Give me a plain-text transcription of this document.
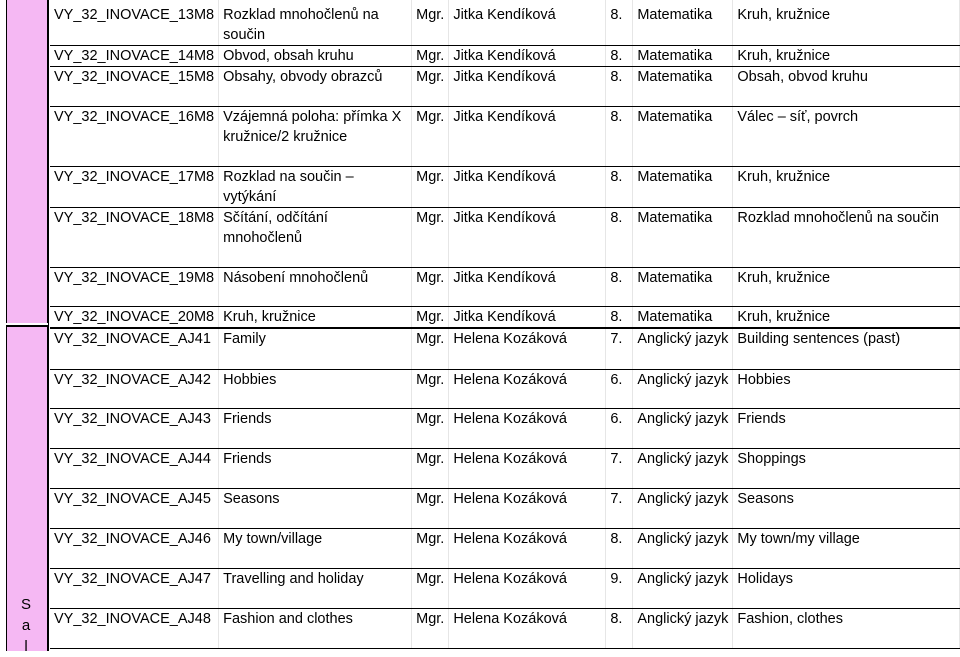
S
a
l
VY_32_INOVACE_13M8	Rozklad mnohočlenů na součin	Mgr.	Jitka Kendíková	8.	Matematika	Kruh, kružnice
VY_32_INOVACE_14M8	Obvod, obsah kruhu	Mgr.	Jitka Kendíková	8.	Matematika	Kruh, kružnice
VY_32_INOVACE_15M8	Obsahy, obvody obrazců	Mgr.	Jitka Kendíková	8.	Matematika	Obsah, obvod kruhu
VY_32_INOVACE_16M8	Vzájemná poloha: přímka X kružnice/2 kružnice	Mgr.	Jitka Kendíková	8.	Matematika	Válec – síť, povrch
VY_32_INOVACE_17M8	Rozklad na součin – vytýkání	Mgr.	Jitka Kendíková	8.	Matematika	Kruh, kružnice
VY_32_INOVACE_18M8	Sčítání, odčítání mnohočlenů	Mgr.	Jitka Kendíková	8.	Matematika	Rozklad mnohočlenů na součin
VY_32_INOVACE_19M8	Násobení mnohočlenů	Mgr.	Jitka Kendíková	8.	Matematika	Kruh, kružnice
VY_32_INOVACE_20M8	Kruh, kružnice	Mgr.	Jitka Kendíková	8.	Matematika	Kruh, kružnice
VY_32_INOVACE_AJ41	Family	Mgr.	Helena Kozáková	7.	Anglický jazyk	Building sentences (past)
VY_32_INOVACE_AJ42	Hobbies	Mgr.	Helena Kozáková	6.	Anglický jazyk	Hobbies
VY_32_INOVACE_AJ43	Friends	Mgr.	Helena Kozáková	6.	Anglický jazyk	Friends
VY_32_INOVACE_AJ44	Friends	Mgr.	Helena Kozáková	7.	Anglický jazyk	Shoppings
VY_32_INOVACE_AJ45	Seasons	Mgr.	Helena Kozáková	7.	Anglický jazyk	Seasons
VY_32_INOVACE_AJ46	My town/village	Mgr.	Helena Kozáková	8.	Anglický jazyk	My town/my village
VY_32_INOVACE_AJ47	Travelling and holiday	Mgr.	Helena Kozáková	9.	Anglický jazyk	Holidays
VY_32_INOVACE_AJ48	Fashion and clothes	Mgr.	Helena Kozáková	8.	Anglický jazyk	Fashion, clothes
